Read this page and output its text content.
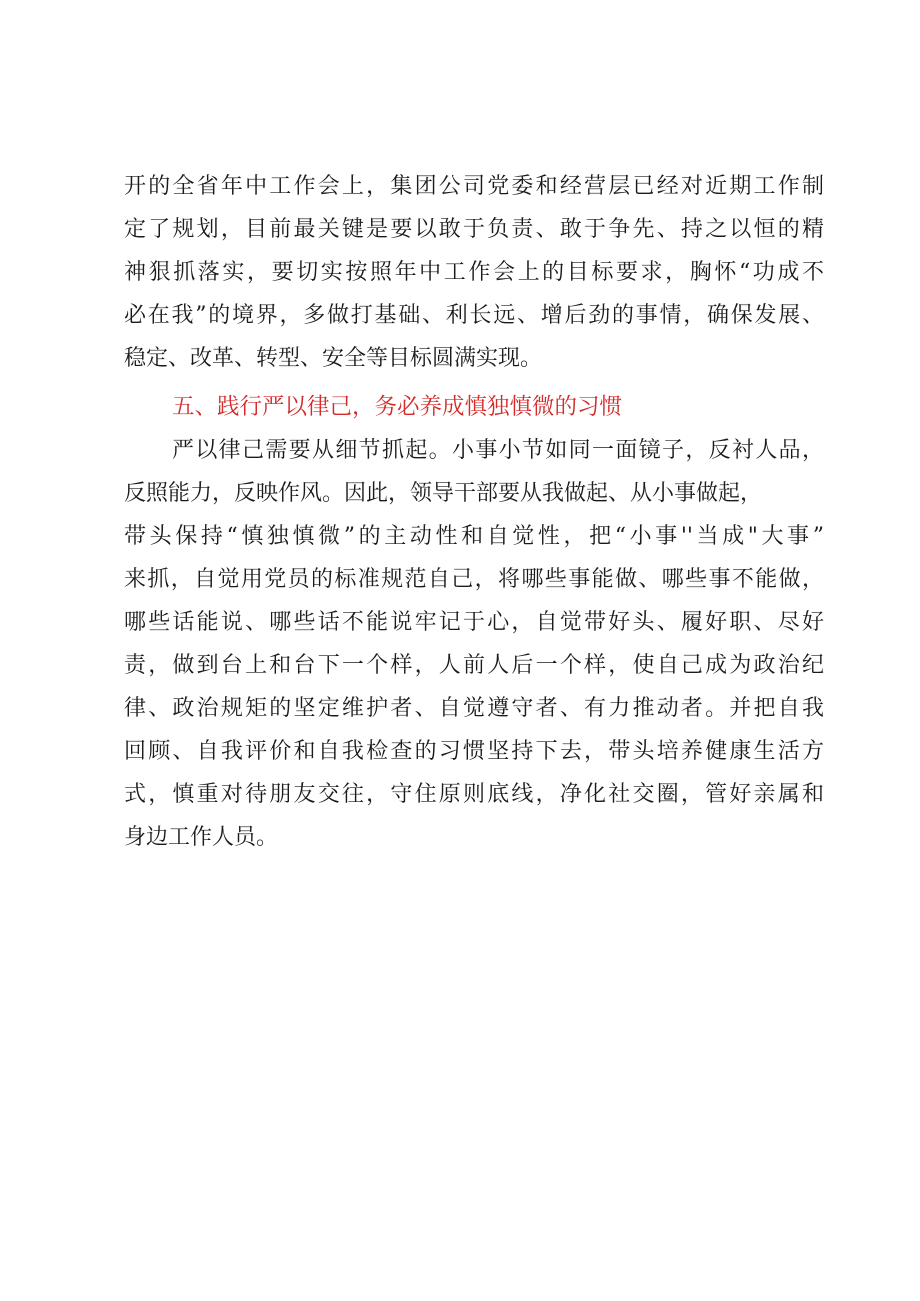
开的全省年中工作会上，集团公司党委和经营层已经对近期工作制
定了规划，目前最关键是要以敢于负责、敢于争先、持之以恒的精
神狠抓落实，要切实按照年中工作会上的目标要求，胸怀“功成不
必在我”的境界，多做打基础、利长远、增后劲的事情，确保发展、
稳定、改革、转型、安全等目标圆满实现。
五、践行严以律己，务必养成慎独慎微的习惯
严以律己需要从细节抓起。小事小节如同一面镜子，反衬人品，
反照能力，反映作风。因此，领导干部要从我做起、从小事做起，
带头保持“慎独慎微”的主动性和自觉性，把“小事''当成"大事”
来抓，自觉用党员的标准规范自己，将哪些事能做、哪些事不能做，
哪些话能说、哪些话不能说牢记于心，自觉带好头、履好职、尽好
责，做到台上和台下一个样，人前人后一个样，使自己成为政治纪
律、政治规矩的坚定维护者、自觉遵守者、有力推动者。并把自我
回顾、自我评价和自我检查的习惯坚持下去，带头培养健康生活方
式，慎重对待朋友交往，守住原则底线，净化社交圈，管好亲属和
身边工作人员。
